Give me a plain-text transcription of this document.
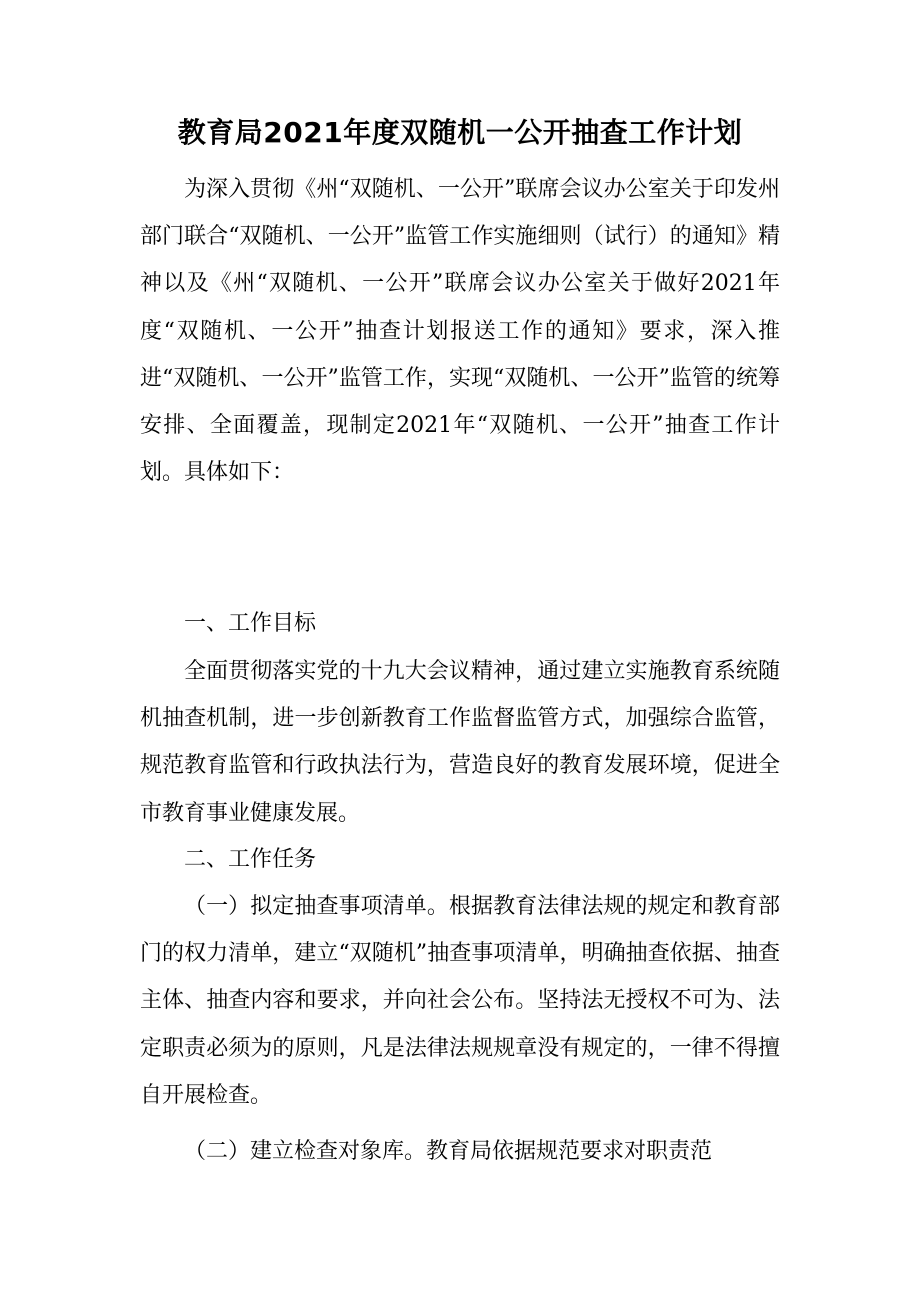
教育局2021年度双随机一公开抽查工作计划

为深入贯彻《州“双随机、一公开”联席会议办公室关于印发州部门联合“双随机、一公开”监管工作实施细则（试行）的通知》精神以及《州“双随机、一公开”联席会议办公室关于做好2021年度“双随机、一公开”抽查计划报送工作的通知》要求，深入推进“双随机、一公开”监管工作，实现“双随机、一公开”监管的统筹安排、全面覆盖，现制定2021年“双随机、一公开”抽查工作计划。具体如下：

一、工作目标

全面贯彻落实党的十九大会议精神，通过建立实施教育系统随机抽查机制，进一步创新教育工作监督监管方式，加强综合监管，规范教育监管和行政执法行为，营造良好的教育发展环境，促进全市教育事业健康发展。

二、工作任务

（一）拟定抽查事项清单。根据教育法律法规的规定和教育部门的权力清单，建立“双随机”抽查事项清单，明确抽查依据、抽查主体、抽查内容和要求，并向社会公布。坚持法无授权不可为、法定职责必须为的原则，凡是法律法规规章没有规定的，一律不得擅自开展检查。

（二）建立检查对象库。教育局依据规范要求对职责范
